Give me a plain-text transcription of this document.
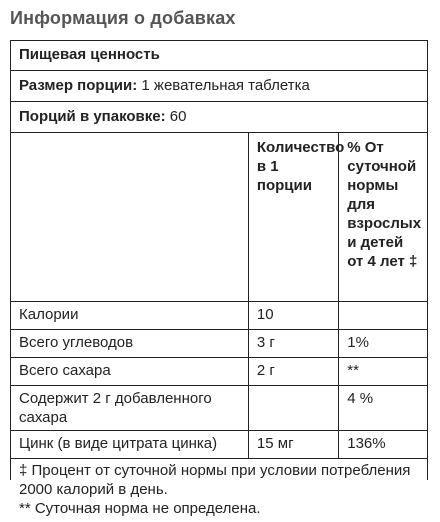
Информация о добавках
Пищевая ценность
Размер порции: 1 жевательная таблетка
Порций в упаковке: 60
	Количество в 1 порции	% От суточной нормы для взрослых и детей от 4 лет ‡
Калории	10	
Всего углеводов	3 г	1%
Всего сахара	2 г	**
Содержит 2 г добавленного сахара		4 %
Цинк (в виде цитрата цинка)	15 мг	136%
‡ Процент от суточной нормы при условии потребления 2000 калорий в день.
** Суточная норма не определена.
